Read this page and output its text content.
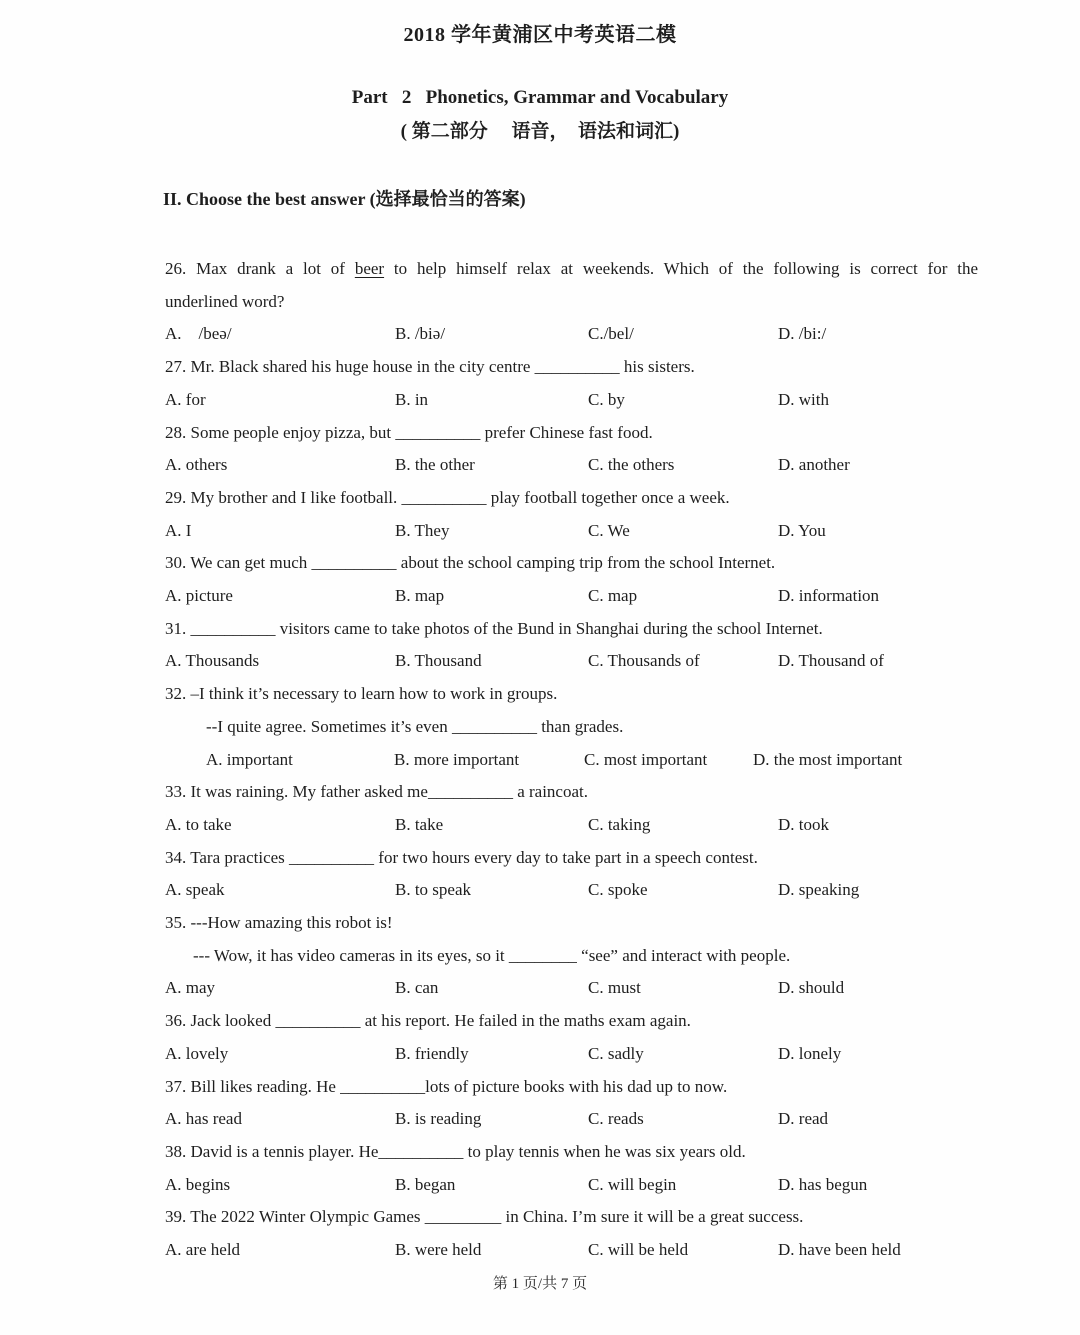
2018 学年黄浦区中考英语二模
Part   2   Phonetics, Grammar and Vocabulary
( 第二部分     语音，  语法和词汇)
II. Choose the best answer (选择最恰当的答案)
26. Max drank a lot of beer to help himself relax at weekends. Which of the following is correct for the
underlined word?
A.    /beə/	B. /biə/	C./bel/	D. /bi:/
27. Mr. Black shared his huge house in the city centre __________ his sisters.
A. for	B. in	C. by	D. with
28. Some people enjoy pizza, but __________ prefer Chinese fast food.
A. others	B. the other	C. the others	D. another
29. My brother and I like football. __________ play football together once a week.
A. I	B. They	C. We	D. You
30. We can get much __________ about the school camping trip from the school Internet.
A. picture	B. map	C. map	D. information
31. __________ visitors came to take photos of the Bund in Shanghai during the school Internet.
A. Thousands	B. Thousand	C. Thousands of	D. Thousand of
32. –I think it’s necessary to learn how to work in groups.
--I quite agree. Sometimes it’s even __________ than grades.
A. important	B. more important	C. most important	D. the most important
33. It was raining. My father asked me__________ a raincoat.
A. to take	B. take	C. taking	D. took
34. Tara practices __________ for two hours every day to take part in a speech contest.
A. speak	B. to speak	C. spoke	D. speaking
35. ---How amazing this robot is!
--- Wow, it has video cameras in its eyes, so it ________ “see” and interact with people.
A. may	B. can	C. must	D. should
36. Jack looked __________ at his report. He failed in the maths exam again.
A. lovely	B. friendly	C. sadly	D. lonely
37. Bill likes reading. He __________lots of picture books with his dad up to now.
A. has read	B. is reading	C. reads	D. read
38. David is a tennis player. He__________ to play tennis when he was six years old.
A. begins	B. began	C. will begin	D. has begun
39. The 2022 Winter Olympic Games _________ in China. I’m sure it will be a great success.
A. are held	B. were held	C. will be held	D. have been held
第 1 页/共 7 页
